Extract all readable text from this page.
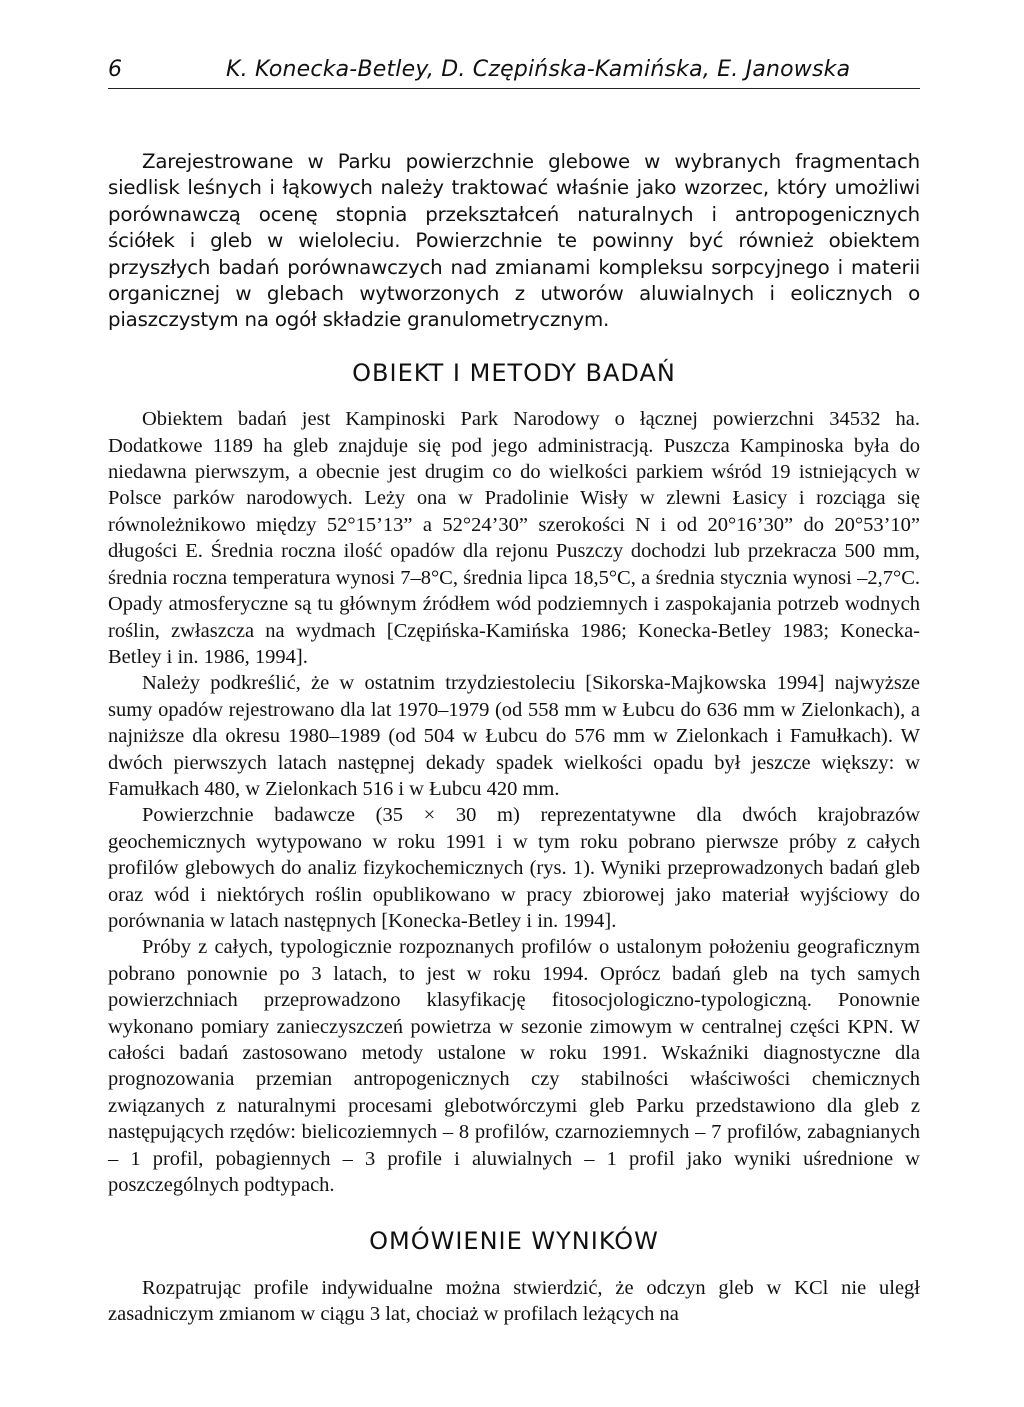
6	K. Konecka-Betley, D. Czępińska-Kamińska, E. Janowska

Zarejestrowane w Parku powierzchnie glebowe w wybranych fragmentach siedlisk leśnych i łąkowych należy traktować właśnie jako wzorzec, który umożliwi porównawczą ocenę stopnia przekształceń naturalnych i antropogenicznych ściółek i gleb w wieloleciu. Powierzchnie te powinny być również obiektem przyszłych badań porównawczych nad zmianami kompleksu sorpcyjnego i materii organicznej w glebach wytworzonych z utworów aluwialnych i eolicznych o piaszczystym na ogół składzie granulometrycznym.

OBIEKT I METODY BADAŃ

Obiektem badań jest Kampinoski Park Narodowy o łącznej powierzchni 34532 ha. Dodatkowe 1189 ha gleb znajduje się pod jego administracją. Puszcza Kampinoska była do niedawna pierwszym, a obecnie jest drugim co do wielkości parkiem wśród 19 istniejących w Polsce parków narodowych. Leży ona w Pradolinie Wisły w zlewni Łasicy i rozciąga się równoleżnikowo między 52°15’13” a 52°24’30” szerokości N i od 20°16’30” do 20°53’10” długości E. Średnia roczna ilość opadów dla rejonu Puszczy dochodzi lub przekracza 500 mm, średnia roczna temperatura wynosi 7–8°C, średnia lipca 18,5°C, a średnia stycznia wynosi –2,7°C. Opady atmosferyczne są tu głównym źródłem wód podziemnych i zaspokajania potrzeb wodnych roślin, zwłaszcza na wydmach [Czępińska-Kamińska 1986; Konecka-Betley 1983; Konecka-Betley i in. 1986, 1994].

Należy podkreślić, że w ostatnim trzydziestoleciu [Sikorska-Majkowska 1994] najwyższe sumy opadów rejestrowano dla lat 1970–1979 (od 558 mm w Łubcu do 636 mm w Zielonkach), a najniższe dla okresu 1980–1989 (od 504 w Łubcu do 576 mm w Zielonkach i Famułkach). W dwóch pierwszych latach następnej dekady spadek wielkości opadu był jeszcze większy: w Famułkach 480, w Zielonkach 516 i w Łubcu 420 mm.

Powierzchnie badawcze (35 × 30 m) reprezentatywne dla dwóch krajobrazów geochemicznych wytypowano w roku 1991 i w tym roku pobrano pierwsze próby z całych profilów glebowych do analiz fizykochemicznych (rys. 1). Wyniki przeprowadzonych badań gleb oraz wód i niektórych roślin opublikowano w pracy zbiorowej jako materiał wyjściowy do porównania w latach następnych [Konecka-Betley i in. 1994].

Próby z całych, typologicznie rozpoznanych profilów o ustalonym położeniu geograficznym pobrano ponownie po 3 latach, to jest w roku 1994. Oprócz badań gleb na tych samych powierzchniach przeprowadzono klasyfikację fitosocjologiczno-typologiczną. Ponownie wykonano pomiary zanieczyszczeń powietrza w sezonie zimowym w centralnej części KPN. W całości badań zastosowano metody ustalone w roku 1991. Wskaźniki diagnostyczne dla prognozowania przemian antropogenicznych czy stabilności właściwości chemicznych związanych z naturalnymi procesami glebotwórczymi gleb Parku przedstawiono dla gleb z następujących rzędów: bielicoziemnych – 8 profilów, czarnoziemnych – 7 profilów, zabagnianych – 1 profil, pobagiennych – 3 profile i aluwialnych – 1 profil jako wyniki uśrednione w poszczególnych podtypach.

OMÓWIENIE WYNIKÓW

Rozpatrując profile indywidualne można stwierdzić, że odczyn gleb w KCl nie uległ zasadniczym zmianom w ciągu 3 lat, chociaż w profilach leżących na
